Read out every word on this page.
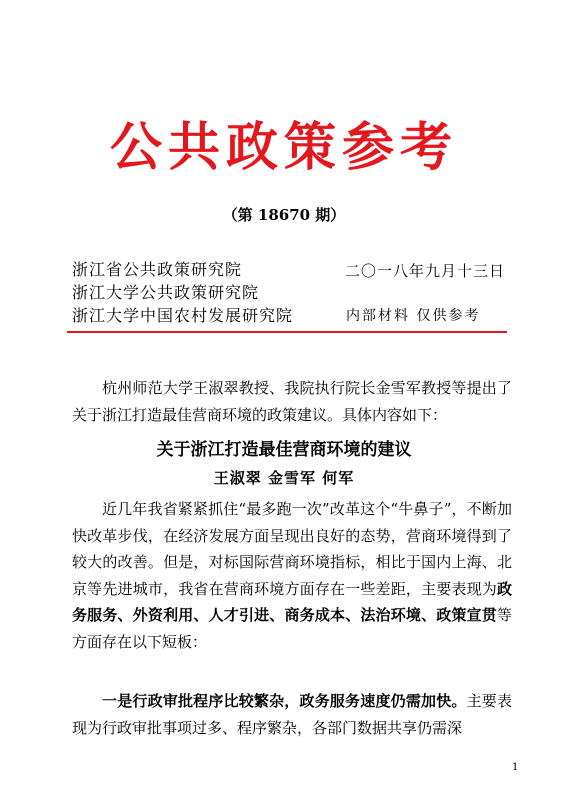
公共政策参考
（第 18670 期）
浙江省公共政策研究院
浙江大学公共政策研究院
浙江大学中国农村发展研究院
二〇一八年九月十三日
内部材料 仅供参考

杭州师范大学王淑翠教授、我院执行院长金雪军教授等提出了关于浙江打造最佳营商环境的政策建议。具体内容如下：

关于浙江打造最佳营商环境的建议
王淑翠 金雪军 何军

近几年我省紧紧抓住“最多跑一次”改革这个“牛鼻子”，不断加快改革步伐，在经济发展方面呈现出良好的态势，营商环境得到了较大的改善。但是，对标国际营商环境指标，相比于国内上海、北京等先进城市，我省在营商环境方面存在一些差距，主要表现为政务服务、外资利用、人才引进、商务成本、法治环境、政策宣贯等方面存在以下短板：

一是行政审批程序比较繁杂，政务服务速度仍需加快。主要表现为行政审批事项过多、程序繁杂，各部门数据共享仍需深

1
